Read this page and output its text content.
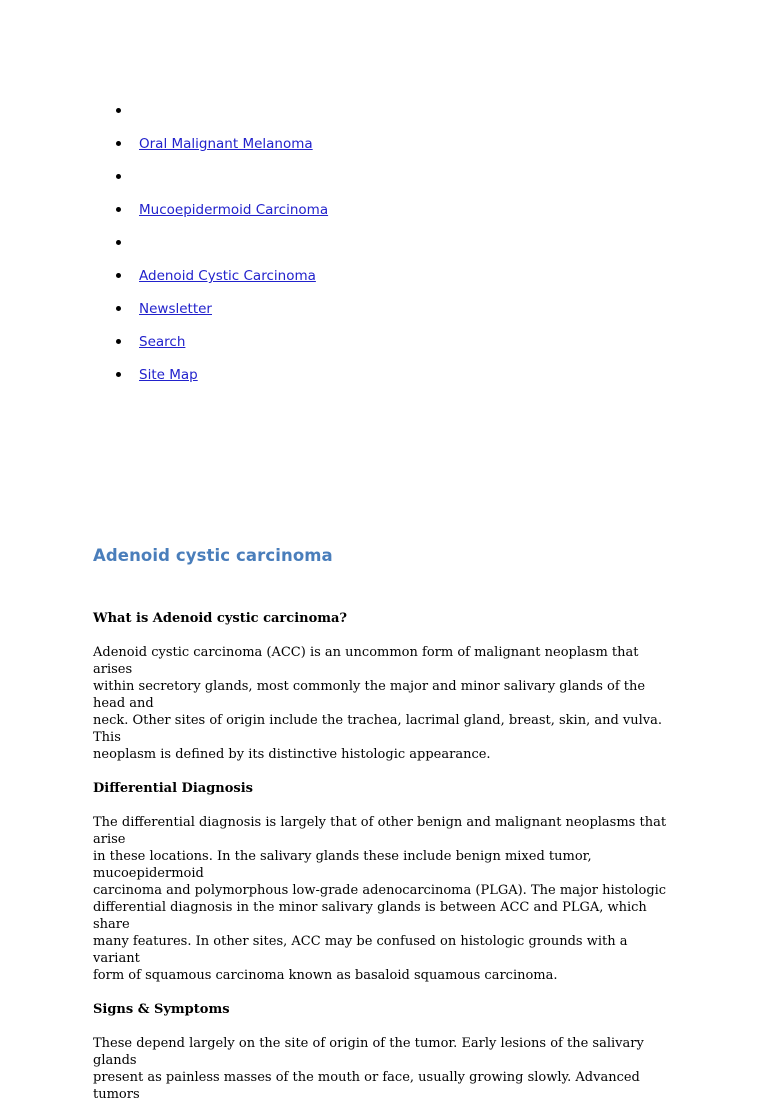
Oral Malignant Melanoma
Mucoepidermoid Carcinoma
Adenoid Cystic Carcinoma
Newsletter
Search
Site Map
Adenoid cystic carcinoma
What is Adenoid cystic carcinoma?

Adenoid cystic carcinoma (ACC) is an uncommon form of malignant neoplasm that arises
within secretory glands, most commonly the major and minor salivary glands of the head and
neck. Other sites of origin include the trachea, lacrimal gland, breast, skin, and vulva. This
neoplasm is defined by its distinctive histologic appearance.

Differential Diagnosis

The differential diagnosis is largely that of other benign and malignant neoplasms that arise
in these locations. In the salivary glands these include benign mixed tumor, mucoepidermoid
carcinoma and polymorphous low-grade adenocarcinoma (PLGA). The major histologic
differential diagnosis in the minor salivary glands is between ACC and PLGA, which share
many features. In other sites, ACC may be confused on histologic grounds with a variant
form of squamous carcinoma known as basaloid squamous carcinoma.

Signs & Symptoms

These depend largely on the site of origin of the tumor. Early lesions of the salivary glands
present as painless masses of the mouth or face, usually growing slowly. Advanced tumors
